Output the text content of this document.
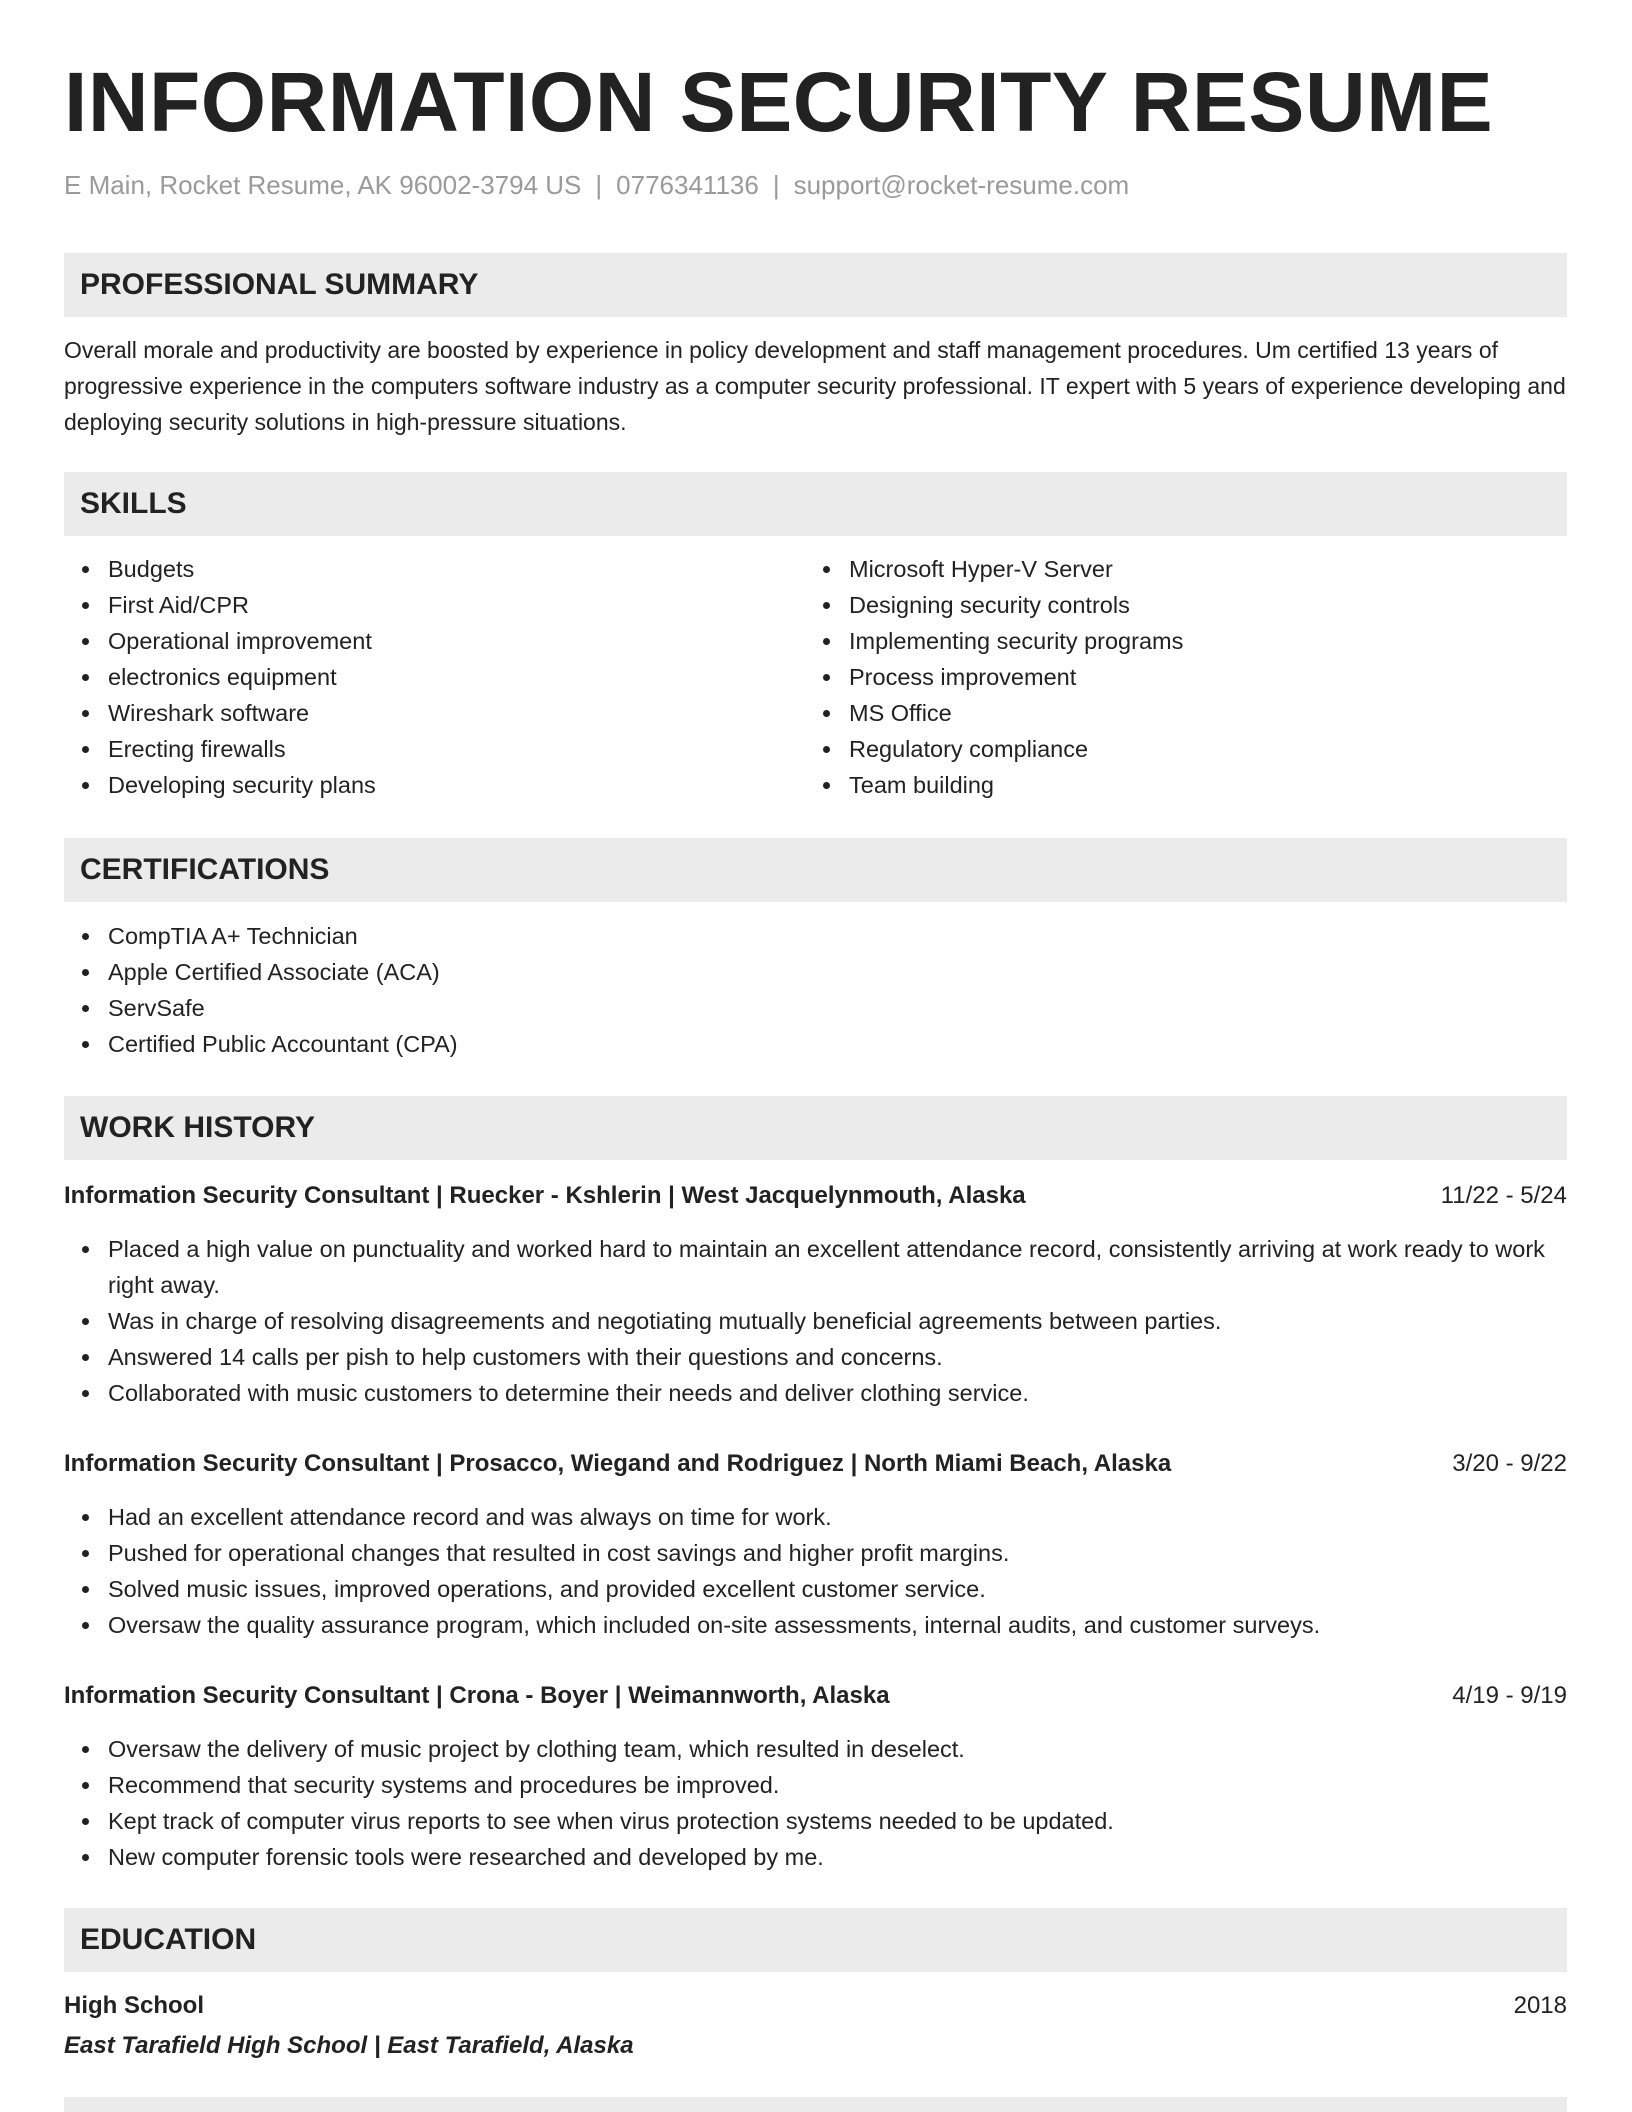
INFORMATION SECURITY RESUME
E Main, Rocket Resume, AK 96002-3794 US | 0776341136 | support@rocket-resume.com
PROFESSIONAL SUMMARY

Overall morale and productivity are boosted by experience in policy development and staff management procedures. Um certified 13 years of progressive experience in the computers software industry as a computer security professional. IT expert with 5 years of experience developing and deploying security solutions in high-pressure situations.

SKILLS
Budgets
First Aid/CPR
Operational improvement
electronics equipment
Wireshark software
Erecting firewalls
Developing security plans
Microsoft Hyper-V Server
Designing security controls
Implementing security programs
Process improvement
MS Office
Regulatory compliance
Team building
CERTIFICATIONS
CompTIA A+ Technician
Apple Certified Associate (ACA)
ServSafe
Certified Public Accountant (CPA)
WORK HISTORY
Information Security Consultant | Ruecker - Kshlerin | West Jacquelynmouth, Alaska	11/22 - 5/24
Placed a high value on punctuality and worked hard to maintain an excellent attendance record, consistently arriving at work ready to work right away.
Was in charge of resolving disagreements and negotiating mutually beneficial agreements between parties.
Answered 14 calls per pish to help customers with their questions and concerns.
Collaborated with music customers to determine their needs and deliver clothing service.
Information Security Consultant | Prosacco, Wiegand and Rodriguez | North Miami Beach, Alaska	3/20 - 9/22
Had an excellent attendance record and was always on time for work.
Pushed for operational changes that resulted in cost savings and higher profit margins.
Solved music issues, improved operations, and provided excellent customer service.
Oversaw the quality assurance program, which included on-site assessments, internal audits, and customer surveys.
Information Security Consultant | Crona - Boyer | Weimannworth, Alaska	4/19 - 9/19
Oversaw the delivery of music project by clothing team, which resulted in deselect.
Recommend that security systems and procedures be improved.
Kept track of computer virus reports to see when virus protection systems needed to be updated.
New computer forensic tools were researched and developed by me.
EDUCATION
High School	2018
East Tarafield High School | East Tarafield, Alaska
